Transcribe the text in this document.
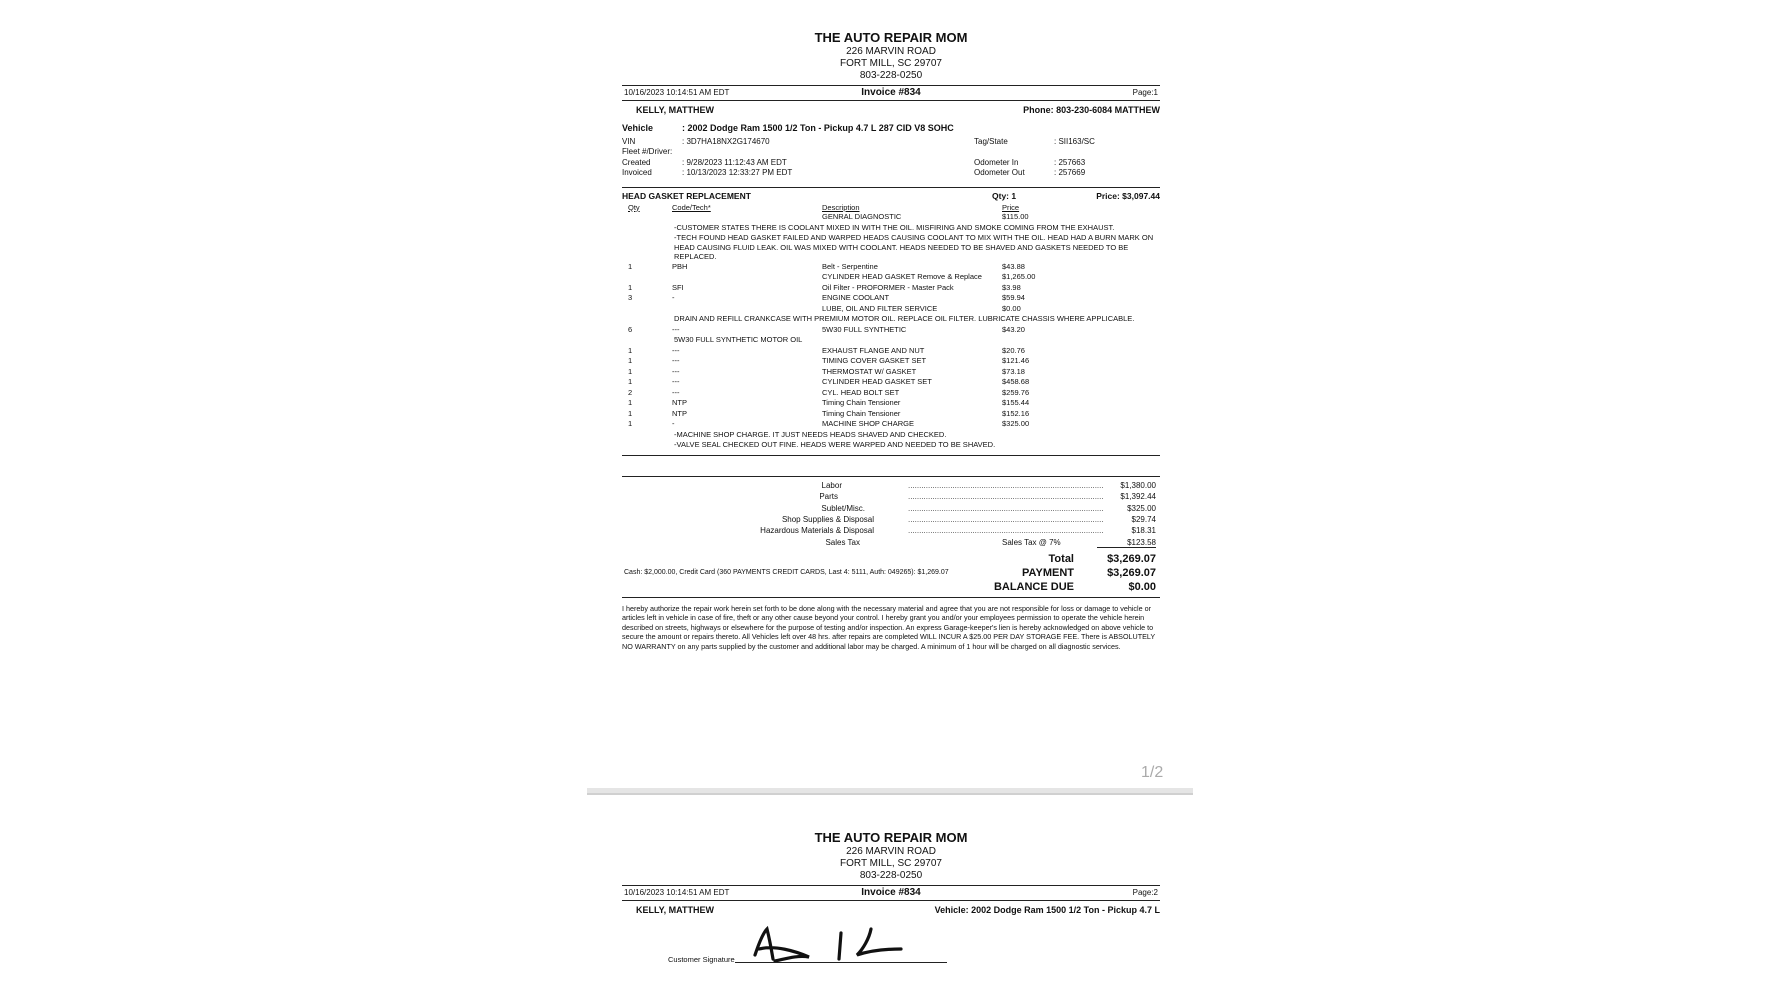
THE AUTO REPAIR MOM
226 MARVIN ROAD
FORT MILL, SC 29707
803-228-0250
10/16/2023 10:14:51 AM EDT	Invoice #834	Page:1
KELLY, MATTHEW	Phone: 803-230-6084 MATTHEW
Vehicle	: 2002 Dodge Ram 1500 1/2 Ton - Pickup 4.7 L 287 CID V8 SOHC
VIN	: 3D7HA18NX2G174670
Fleet #/Driver:
Created	: 9/28/2023 11:12:43 AM EDT
Invoiced	: 10/13/2023 12:33:27 PM EDT
Tag/State	: SII163/SC
Odometer In	: 257663
Odometer Out	: 257669
HEAD GASKET REPLACEMENT	Qty: 1	Price: $3,097.44
Qty	Code/Tech*	Description	Price
		GENRAL DIAGNOSTIC	$115.00
-CUSTOMER STATES THERE IS COOLANT MIXED IN WITH THE OIL. MISFIRING AND SMOKE COMING FROM THE EXHAUST.			
-TECH FOUND HEAD GASKET FAILED AND WARPED HEADS CAUSING COOLANT TO MIX WITH THE OIL. HEAD HAD A BURN MARK ON HEAD CAUSING FLUID LEAK. OIL WAS MIXED WITH COOLANT. HEADS NEEDED TO BE SHAVED AND GASKETS NEEDED TO BE REPLACED.			
1	PBH	Belt - Serpentine	$43.88
		CYLINDER HEAD GASKET Remove & Replace	$1,265.00
1	SFI	Oil Filter - PROFORMER - Master Pack	$3.98
3	-	ENGINE COOLANT	$59.94
		LUBE, OIL AND FILTER SERVICE	$0.00
DRAIN AND REFILL CRANKCASE WITH PREMIUM MOTOR OIL. REPLACE OIL FILTER. LUBRICATE CHASSIS WHERE APPLICABLE.			
6	---	5W30 FULL SYNTHETIC	$43.20
5W30 FULL SYNTHETIC MOTOR OIL			
1	---	EXHAUST FLANGE AND NUT	$20.76
1	---	TIMING COVER GASKET SET	$121.46
1	---	THERMOSTAT W/ GASKET	$73.18
1	---	CYLINDER HEAD GASKET SET	$458.68
2	---	CYL. HEAD BOLT SET	$259.76
1	NTP	Timing Chain Tensioner	$155.44
1	NTP	Timing Chain Tensioner	$152.16
1	-	MACHINE SHOP CHARGE	$325.00
-MACHINE SHOP CHARGE. IT JUST NEEDS HEADS SHAVED AND CHECKED.			
-VALVE SEAL CHECKED OUT FINE. HEADS WERE WARPED AND NEEDED TO BE SHAVED.			
Labor	........................................................................................ $1,380.00
Parts	........................................................................................ $1,392.44
Sublet/Misc.	........................................................................................	$325.00
Shop Supplies & Disposal	........................................................................................	$29.74
Hazardous Materials & Disposal	........................................................................................	$18.31
Sales Tax	Sales Tax @ 7%	$123.58
Total	$3,269.07
Cash: $2,000.00, Credit Card (360 PAYMENTS CREDIT CARDS, Last 4: 5111, Auth: 049265): $1,269.07	PAYMENT	$3,269.07
BALANCE DUE	$0.00
I hereby authorize the repair work herein set forth to be done along with the necessary material and agree that you are not responsible for loss or damage to vehicle or articles left in vehicle in case of fire, theft or any other cause beyond your control. I hereby grant you and/or your employees permission to operate the vehicle herein described on streets, highways or elsewhere for the purpose of testing and/or inspection. An express Garage-keeper's lien is hereby acknowledged on above vehicle to secure the amount or repairs thereto. All Vehicles left over 48 hrs. after repairs are completed WILL INCUR A $25.00 PER DAY STORAGE FEE. There is ABSOLUTELY NO WARRANTY on any parts supplied by the customer and additional labor may be charged. A minimum of 1 hour will be charged on all diagnostic services.
1/2
THE AUTO REPAIR MOM
226 MARVIN ROAD
FORT MILL, SC 29707
803-228-0250
10/16/2023 10:14:51 AM EDT	Invoice #834	Page:2
KELLY, MATTHEW	Vehicle: 2002 Dodge Ram 1500 1/2 Ton - Pickup 4.7 L
Customer Signature
